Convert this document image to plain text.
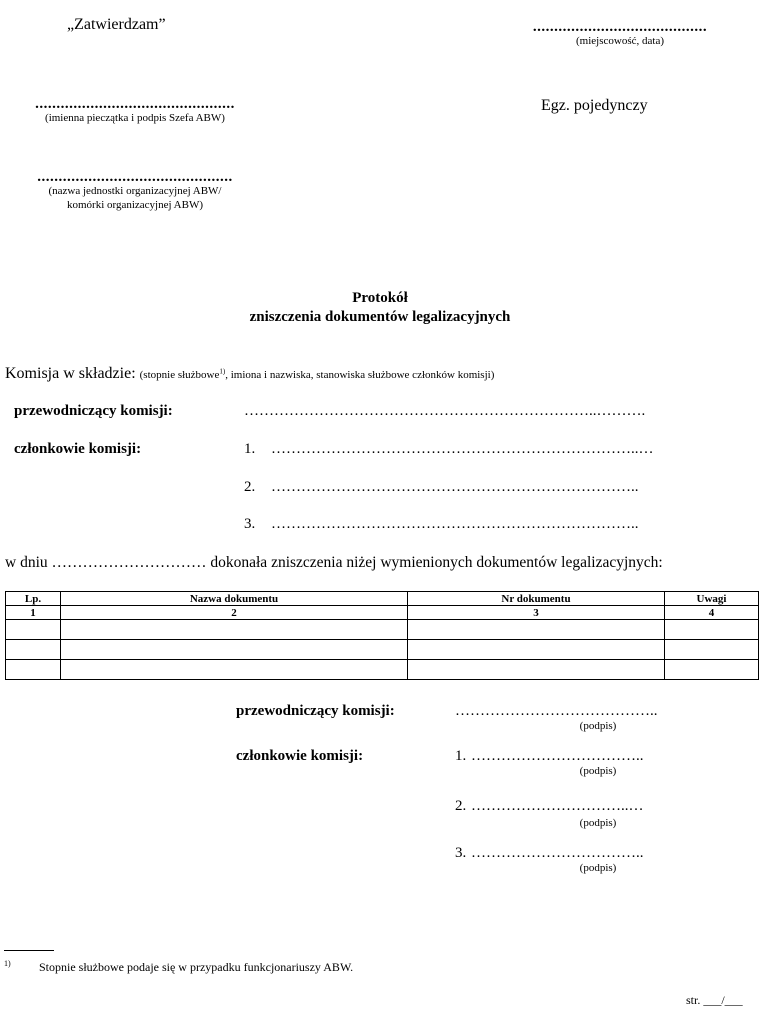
„Zatwierdzam”	.........................................
(miejscowość, data)
...............................................
(imienna pieczątka i podpis Szefa ABW)
Egz. pojedynczy
..............................................
(nazwa jednostki organizacyjnej ABW/
komórki organizacyjnej ABW)
Protokół
zniszczenia dokumentów legalizacyjnych
Komisja w składzie: (stopnie służbowe$^{1)}$, imiona i nazwiska, stanowiska służbowe członków komisji)
przewodniczący komisji:	……………………………………………………………..……….
członkowie komisji:	1. ………………………………………………………………..…
2. ………………………………………………………………..
3. ………………………………………………………………..
w dniu ………………………… dokonała zniszczenia niżej wymienionych dokumentów legalizacyjnych:
Lp.	Nazwa dokumentu	Nr dokumentu	Uwagi
1	2	3	4

przewodniczący komisji:	…………………………………..
(podpis)
członkowie komisji:	1. ……………………………..
(podpis)
2. …………………………..…
(podpis)
3. ……………………………..
(podpis)
1) Stopnie służbowe podaje się w przypadku funkcjonariuszy ABW.
str. ___/___
